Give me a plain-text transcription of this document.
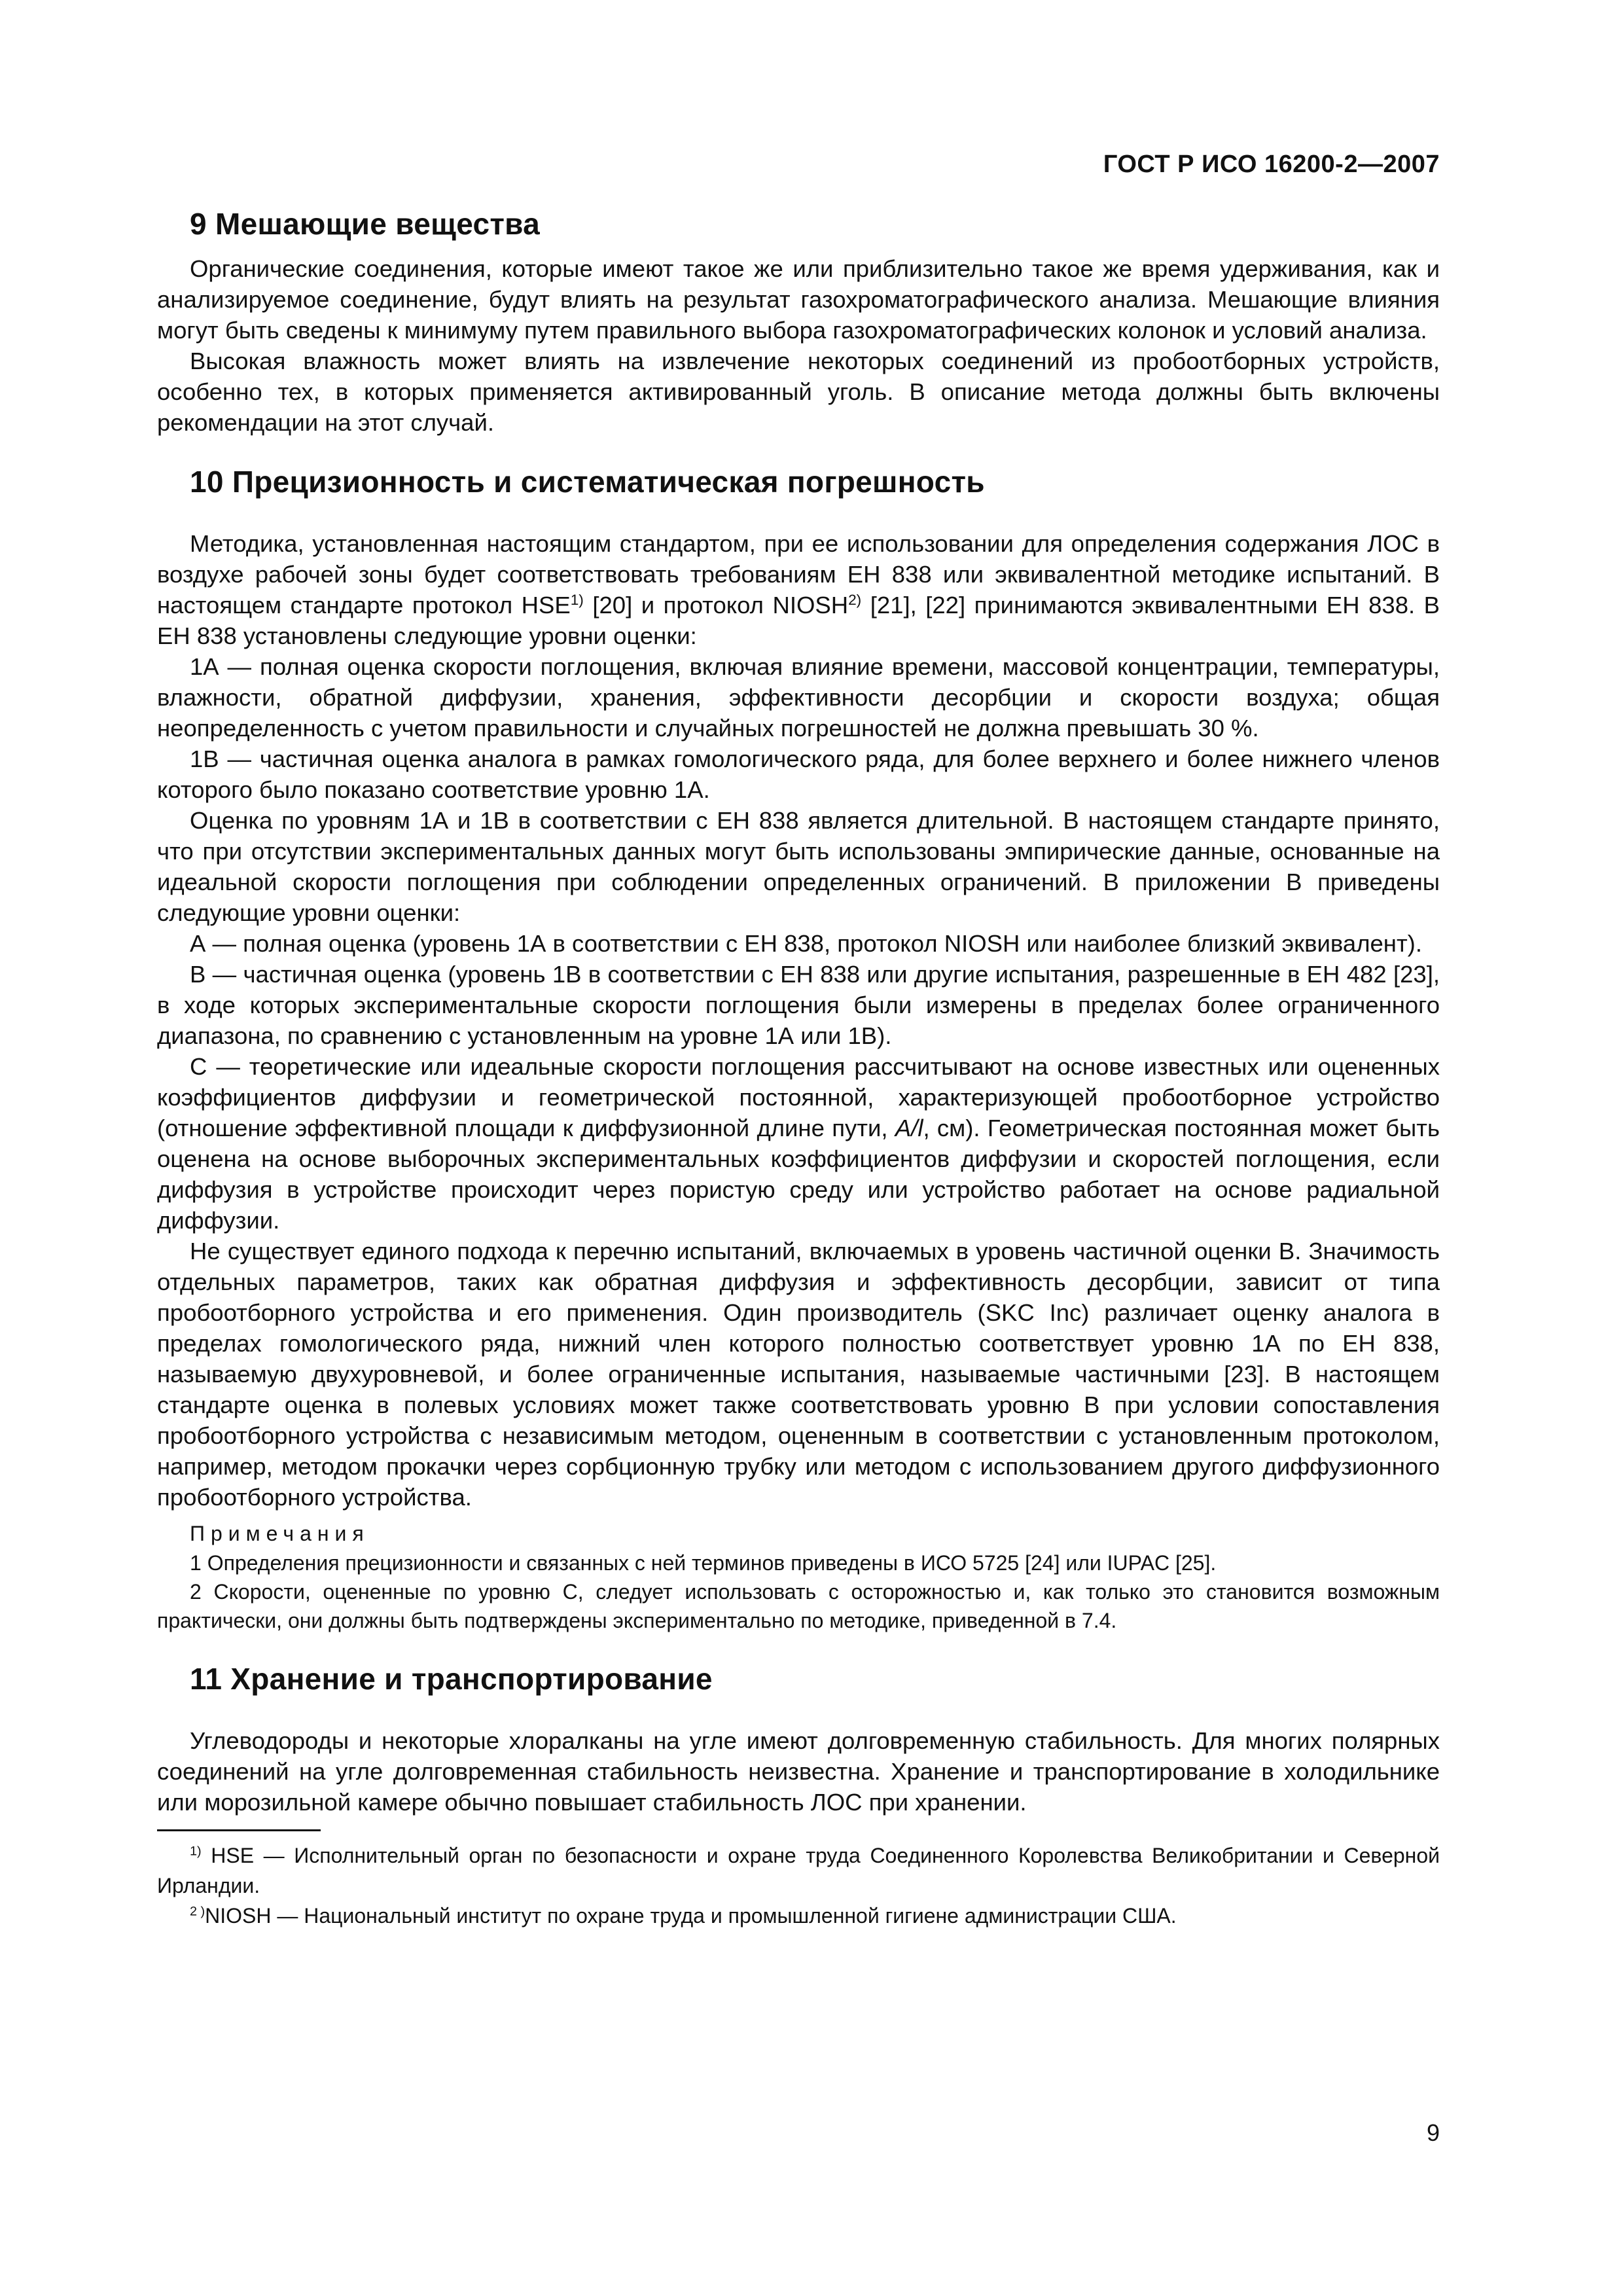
ГОСТ Р ИСО 16200-2—2007
9 Мешающие вещества

Органические соединения, которые имеют такое же или приблизительно такое же время удерживания, как и анализируемое соединение, будут влиять на результат газохроматографического анализа. Мешающие влияния могут быть сведены к минимуму путем правильного выбора газохроматографических колонок и условий анализа.

Высокая влажность может влиять на извлечение некоторых соединений из пробоотборных устройств, особенно тех, в которых применяется активированный уголь. В описание метода должны быть включены рекомендации на этот случай.

10 Прецизионность и систематическая погрешность

Методика, установленная настоящим стандартом, при ее использовании для определения содержания ЛОС в воздухе рабочей зоны будет соответствовать требованиям ЕН 838 или эквивалентной методике испытаний. В настоящем стандарте протокол HSE$^{1)}$ [20] и протокол NIOSH$^{2)}$ [21], [22] принимаются эквивалентными ЕН 838. В ЕН 838 установлены следующие уровни оценки:

1А — полная оценка скорости поглощения, включая влияние времени, массовой концентрации, температуры, влажности, обратной диффузии, хранения, эффективности десорбции и скорости воздуха; общая неопределенность с учетом правильности и случайных погрешностей не должна превышать 30 %.

1В — частичная оценка аналога в рамках гомологического ряда, для более верхнего и более нижнего членов которого было показано соответствие уровню 1А.

Оценка по уровням 1А и 1В в соответствии с ЕН 838 является длительной. В настоящем стандарте принято, что при отсутствии экспериментальных данных могут быть использованы эмпирические данные, основанные на идеальной скорости поглощения при соблюдении определенных ограничений. В приложении В приведены следующие уровни оценки:

А — полная оценка (уровень 1А в соответствии с ЕН 838, протокол NIOSH или наиболее близкий эквивалент).

В — частичная оценка (уровень 1В в соответствии с ЕН 838 или другие испытания, разрешенные в ЕН 482 [23], в ходе которых экспериментальные скорости поглощения были измерены в пределах более ограниченного диапазона, по сравнению с установленным на уровне 1А или 1В).

С — теоретические или идеальные скорости поглощения рассчитывают на основе известных или оцененных коэффициентов диффузии и геометрической постоянной, характеризующей пробоотборное устройство (отношение эффективной площади к диффузионной длине пути, A/l, см). Геометрическая постоянная может быть оценена на основе выборочных экспериментальных коэффициентов диффузии и скоростей поглощения, если диффузия в устройстве происходит через пористую среду или устройство работает на основе радиальной диффузии.

Не существует единого подхода к перечню испытаний, включаемых в уровень частичной оценки В. Значимость отдельных параметров, таких как обратная диффузия и эффективность десорбции, зависит от типа пробоотборного устройства и его применения. Один производитель (SKC Inc) различает оценку аналога в пределах гомологического ряда, нижний член которого полностью соответствует уровню 1А по ЕН 838, называемую двухуровневой, и более ограниченные испытания, называемые частичными [23]. В настоящем стандарте оценка в полевых условиях может также соответствовать уровню В при условии сопоставления пробоотборного устройства с независимым методом, оцененным в соответствии с установленным протоколом, например, методом прокачки через сорбционную трубку или методом с использованием другого диффузионного пробоотборного устройства.

Примечания

1 Определения прецизионности и связанных с ней терминов приведены в ИСО 5725 [24] или IUPAC [25].

2 Скорости, оцененные по уровню С, следует использовать с осторожностью и, как только это становится возможным практически, они должны быть подтверждены экспериментально по методике, приведенной в 7.4.

11 Хранение и транспортирование

Углеводороды и некоторые хлоралканы на угле имеют долговременную стабильность. Для многих полярных соединений на угле долговременная стабильность неизвестна. Хранение и транспортирование в холодильнике или морозильной камере обычно повышает стабильность ЛОС при хранении.

$^{1)}$ HSE — Исполнительный орган по безопасности и охране труда Соединенного Королевства Великобритании и Северной Ирландии.

$^{2 )}$NIOSH — Национальный институт по охране труда и промышленной гигиене администрации США.

9
